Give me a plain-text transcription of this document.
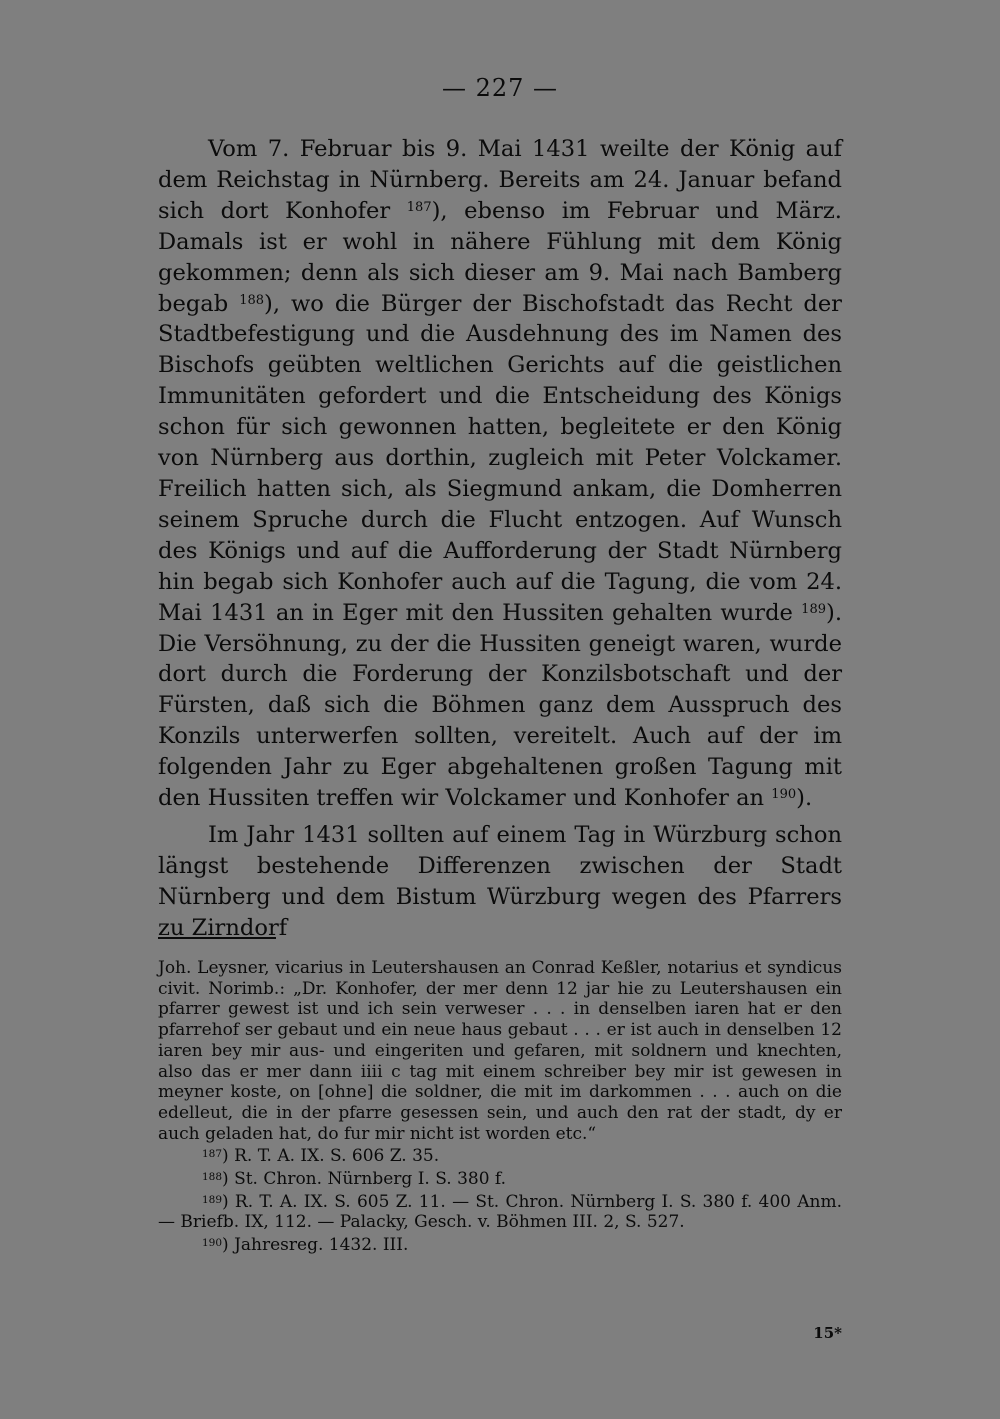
— 227 —

Vom 7. Februar bis 9. Mai 1431 weilte der König auf dem Reichstag in Nürnberg. Bereits am 24. Januar befand sich dort Konhofer $^{187}$), ebenso im Februar und März. Damals ist er wohl in nähere Fühlung mit dem König gekommen; denn als sich dieser am 9. Mai nach Bamberg begab $^{188}$), wo die Bürger der Bischofstadt das Recht der Stadtbefestigung und die Ausdehnung des im Namen des Bischofs geübten weltlichen Gerichts auf die geistlichen Immunitäten gefordert und die Entscheidung des Königs schon für sich gewonnen hatten, begleitete er den König von Nürnberg aus dorthin, zugleich mit Peter Volckamer. Freilich hatten sich, als Siegmund ankam, die Domherren seinem Spruche durch die Flucht entzogen. Auf Wunsch des Königs und auf die Aufforderung der Stadt Nürnberg hin begab sich Konhofer auch auf die Tagung, die vom 24. Mai 1431 an in Eger mit den Hussiten gehalten wurde $^{189}$). Die Versöhnung, zu der die Hussiten geneigt waren, wurde dort durch die Forderung der Konzilsbotschaft und der Fürsten, daß sich die Böhmen ganz dem Ausspruch des Konzils unterwerfen sollten, vereitelt. Auch auf der im folgenden Jahr zu Eger abgehaltenen großen Tagung mit den Hussiten treffen wir Volckamer und Konhofer an $^{190}$).

Im Jahr 1431 sollten auf einem Tag in Würzburg schon längst bestehende Differenzen zwischen der Stadt Nürnberg und dem Bistum Würzburg wegen des Pfarrers zu Zirndorf

Joh. Leysner, vicarius in Leutershausen an Conrad Keßler, notarius et syndicus civit. Norimb.: „Dr. Konhofer, der mer denn 12 jar hie zu Leutershausen ein pfarrer gewest ist und ich sein verweser . . . in denselben iaren hat er den pfarrehof ser gebaut und ein neue haus gebaut . . . er ist auch in denselben 12 iaren bey mir aus- und eingeriten und gefaren, mit soldnern und knechten, also das er mer dann iiii c tag mit einem schreiber bey mir ist gewesen in meyner koste, on [ohne] die soldner, die mit im darkommen . . . auch on die edelleut, die in der pfarre gesessen sein, und auch den rat der stadt, dy er auch geladen hat, do fur mir nicht ist worden etc.“

$^{187}$) R. T. A. IX. S. 606 Z. 35.

$^{188}$) St. Chron. Nürnberg I. S. 380 f.

$^{189}$) R. T. A. IX. S. 605 Z. 11. — St. Chron. Nürnberg I. S. 380 f. 400 Anm. — Briefb. IX, 112. — Palacky, Gesch. v. Böhmen III. 2, S. 527.

$^{190}$) Jahresreg. 1432. III.

15*
